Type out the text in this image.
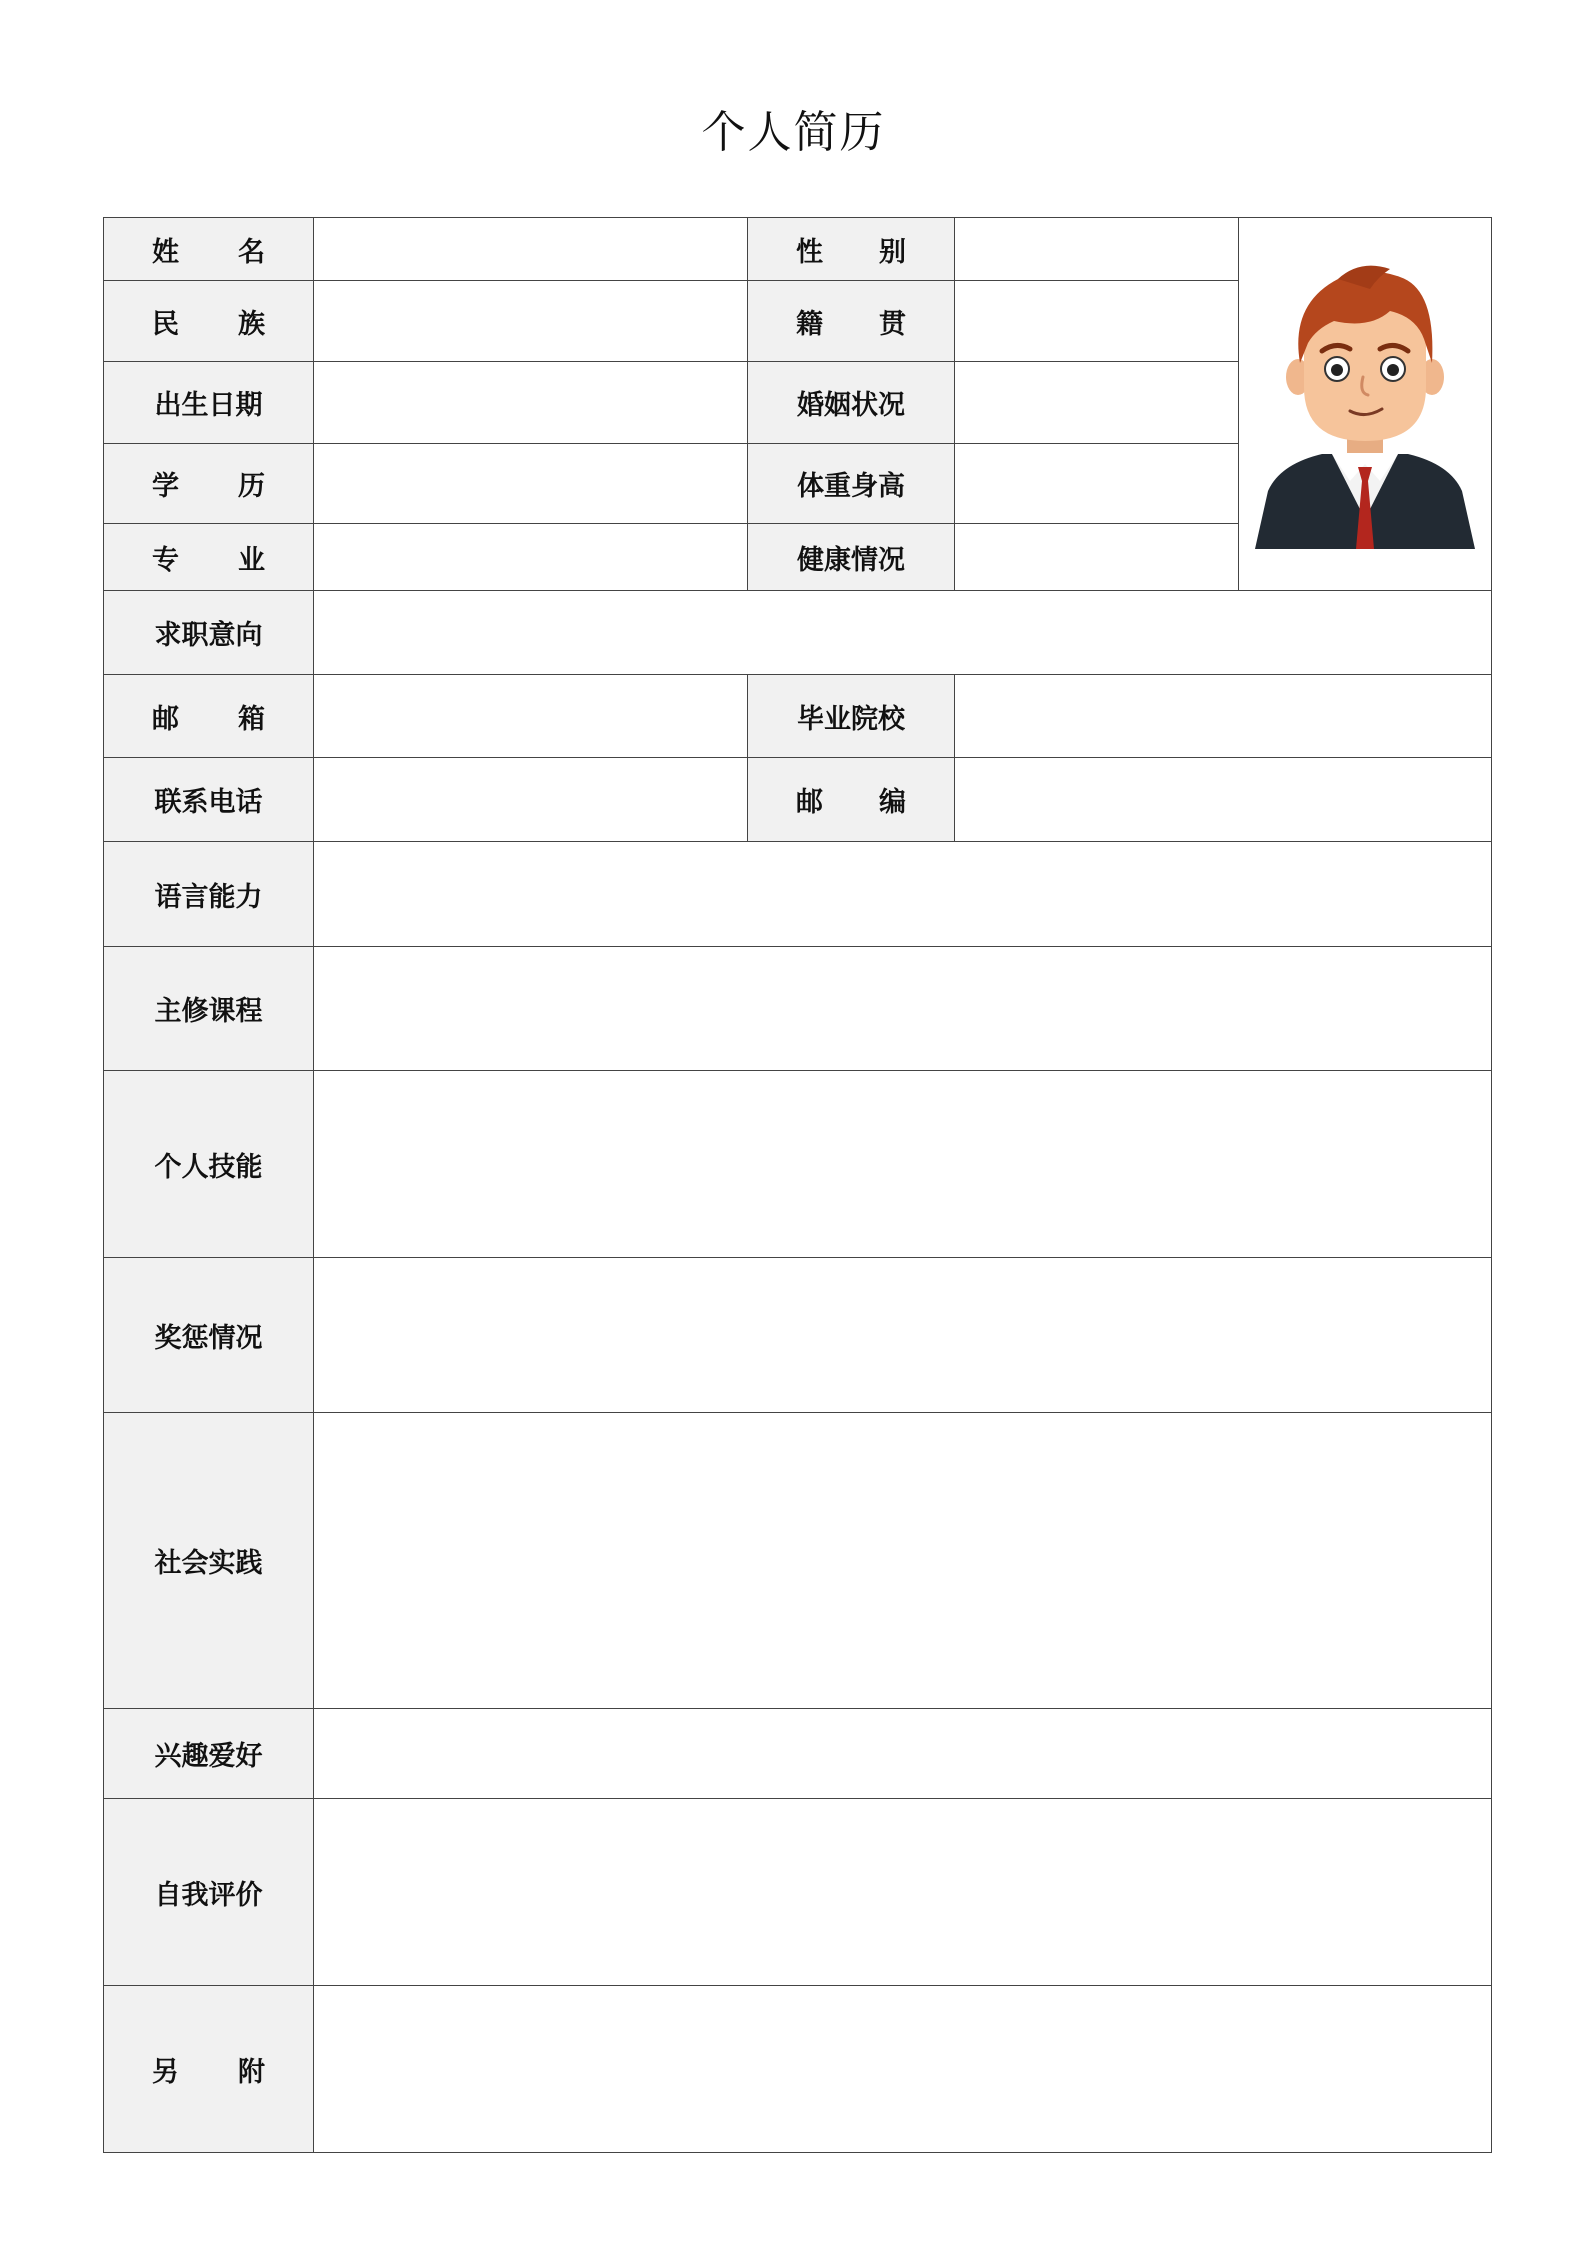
个人简历
姓 名		性 别

民 族		籍 贯		

出生日期		婚姻状况		

学 历		体重身高		

专 业		健康情况		

求职意向				

邮 箱		毕业院校		

联系电话		邮 编		

语言能力				

主修课程				

个人技能				

奖惩情况				

社会实践				

兴趣爱好				

自我评价				

另 附				
